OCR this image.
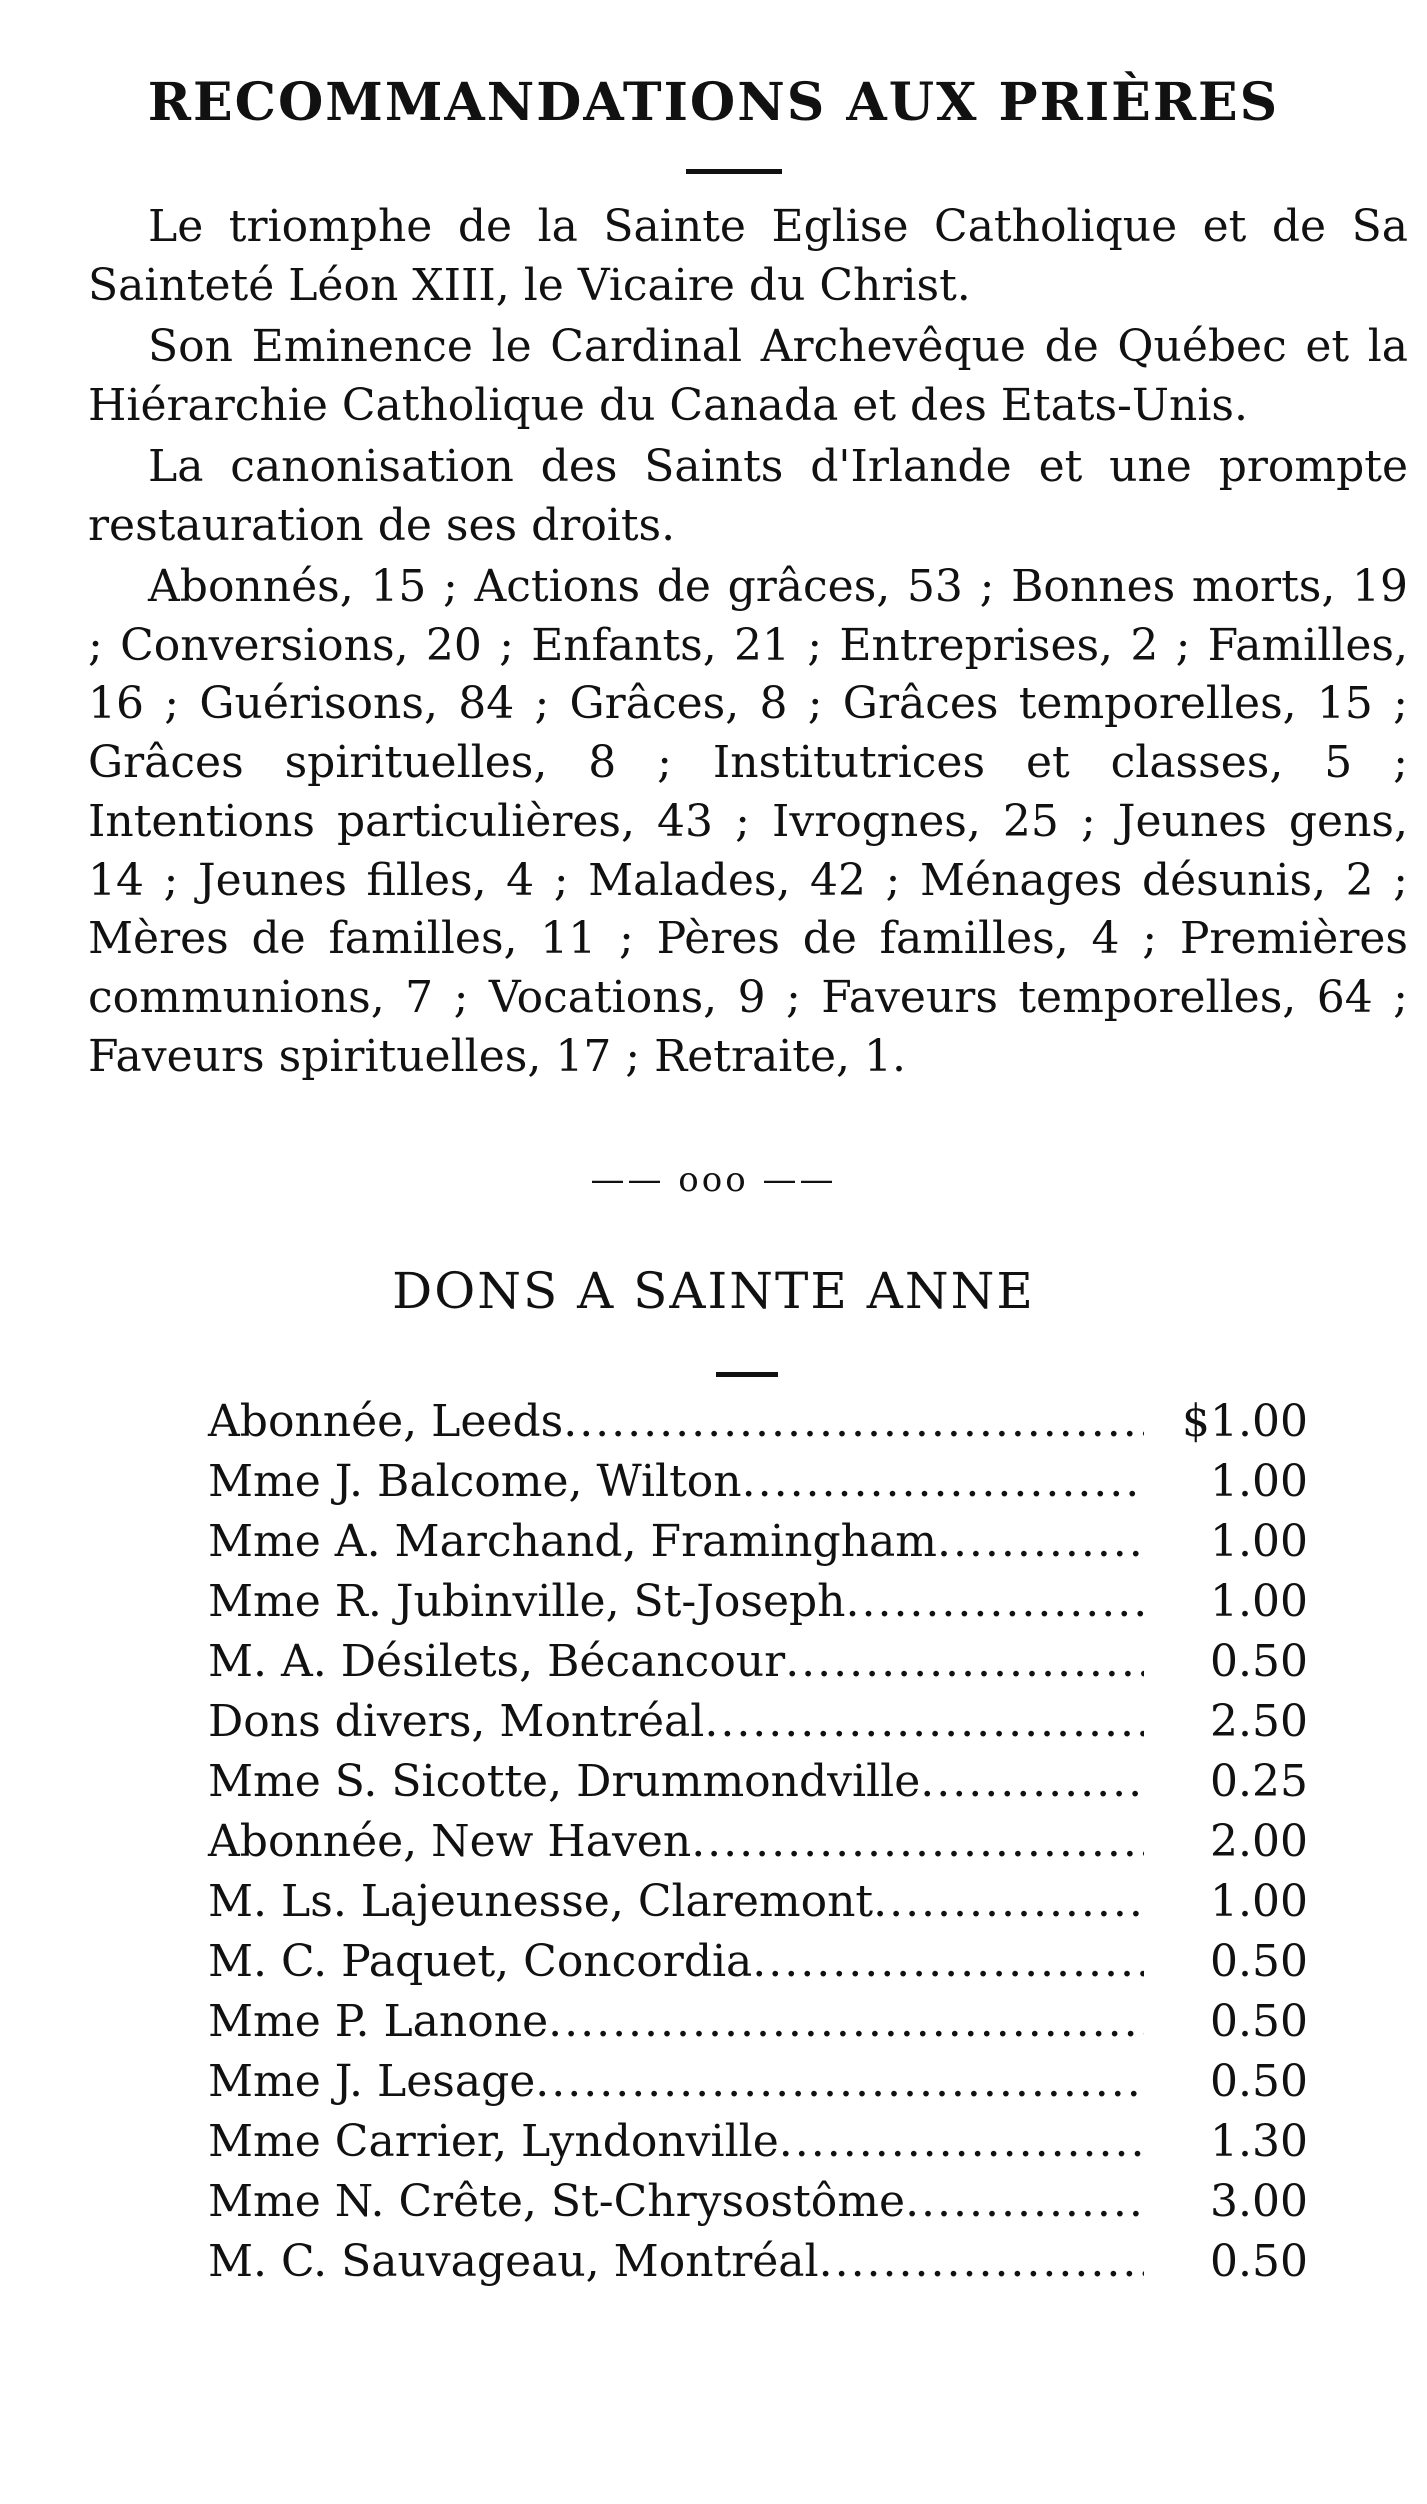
RECOMMANDATIONS AUX PRIÈRES

Le triomphe de la Sainte Eglise Catholique et de Sa Sainteté Léon XIII, le Vicaire du Christ.

Son Eminence le Cardinal Archevêque de Québec et la Hiérarchie Catholique du Canada et des Etats-Unis.

La canonisation des Saints d'Irlande et une prompte restauration de ses droits.

Abonnés, 15 ; Actions de grâces, 53 ; Bonnes morts, 19 ; Conversions, 20 ; Enfants, 21 ; Entreprises, 2 ; Familles, 16 ; Guérisons, 84 ; Grâces, 8 ; Grâces temporelles, 15 ; Grâces spirituelles, 8 ; Institutrices et classes, 5 ; Intentions particulières, 43 ; Ivrognes, 25 ; Jeunes gens, 14 ; Jeunes filles, 4 ; Malades, 42 ; Ménages désunis, 2 ; Mères de familles, 11 ; Pères de familles, 4 ; Premières communions, 7 ; Vocations, 9 ; Faveurs temporelles, 64 ; Faveurs spirituelles, 17 ; Retraite, 1.

—— ooo ——
DONS A SAINTE ANNE
Abonnée, Leeds .....	$1.00
Mme J. Balcome, Wilton .....	1.00
Mme A. Marchand, Framingham .....	1.00
Mme R. Jubinville, St-Joseph .....	1.00
M. A. Désilets, Bécancour .....	0.50
Dons divers, Montréal .....	2.50
Mme S. Sicotte, Drummondville .....	0.25
Abonnée, New Haven .....	2.00
M. Ls. Lajeunesse, Claremont .....	1.00
M. C. Paquet, Concordia .....	0.50
Mme P. Lanone .....	0.50
Mme J. Lesage .....	0.50
Mme Carrier, Lyndonville .....	1.30
Mme N. Crête, St-Chrysostôme .....	3.00
M. C. Sauvageau, Montréal .....	0.50
